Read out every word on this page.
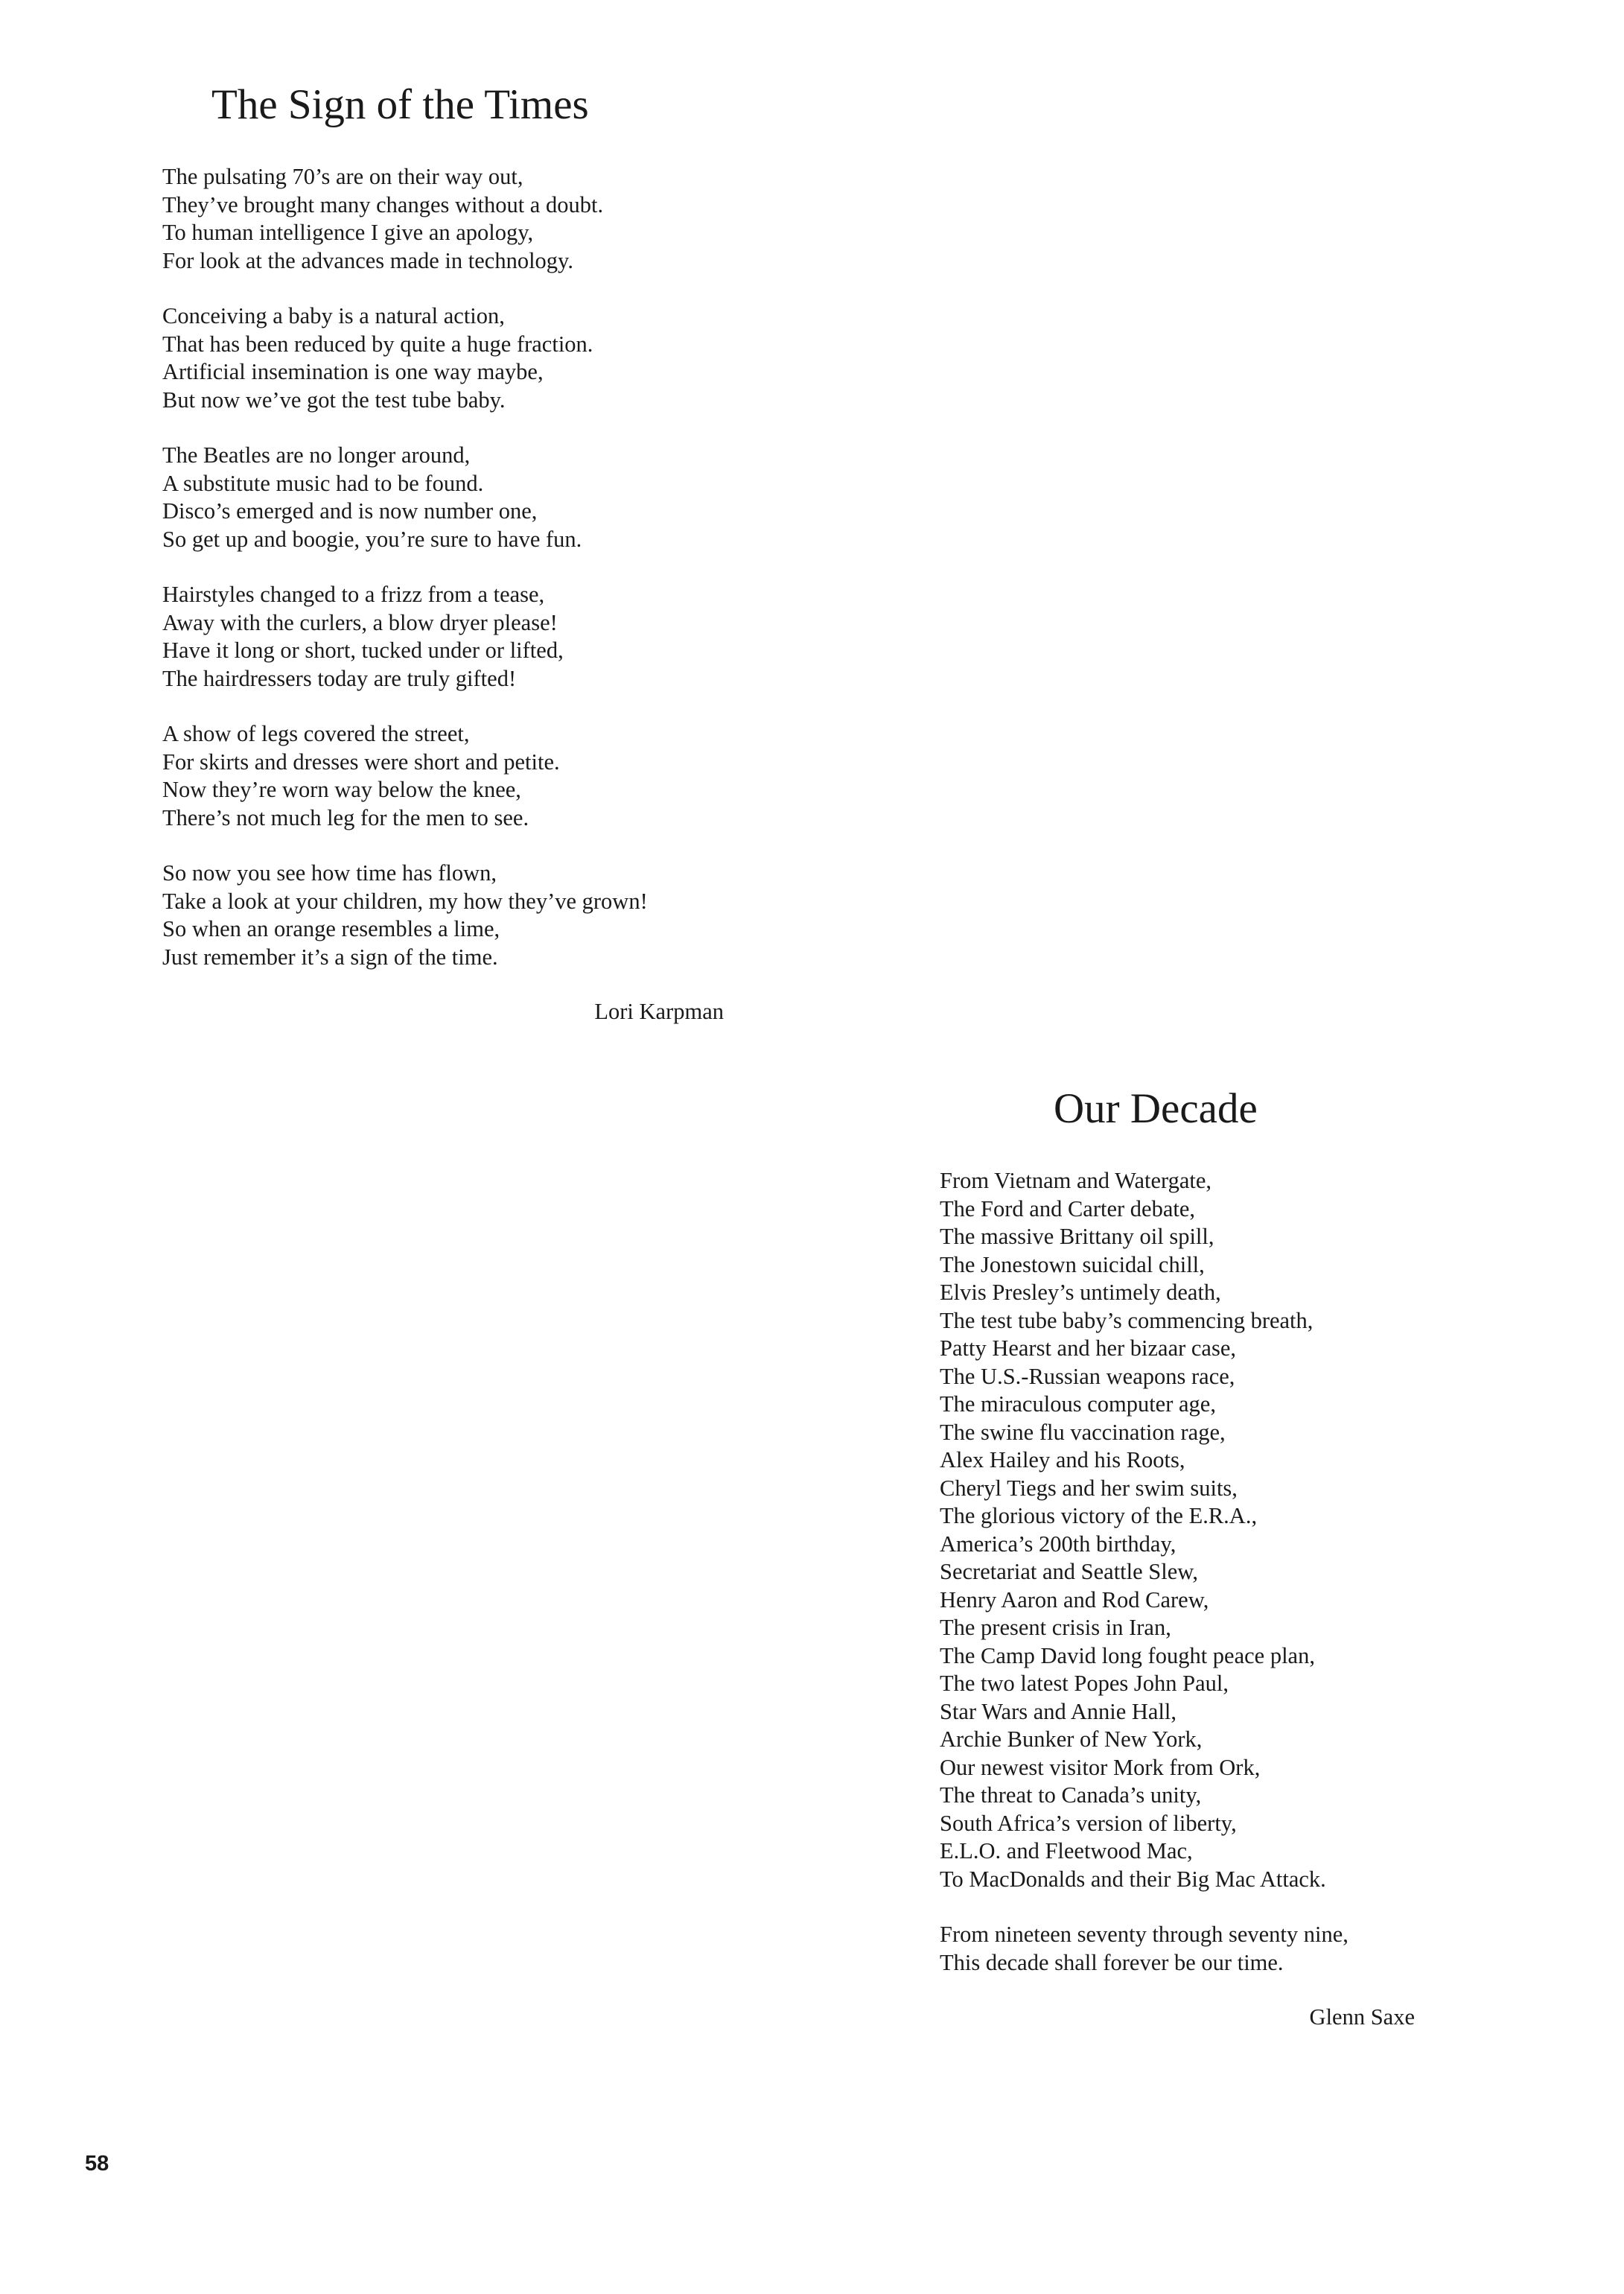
The Sign of the Times
The pulsating 70’s are on their way out,
They’ve brought many changes without a doubt.
To human intelligence I give an apology,
For look at the advances made in technology.
Conceiving a baby is a natural action,
That has been reduced by quite a huge fraction.
Artificial insemination is one way maybe,
But now we’ve got the test tube baby.
The Beatles are no longer around,
A substitute music had to be found.
Disco’s emerged and is now number one,
So get up and boogie, you’re sure to have fun.
Hairstyles changed to a frizz from a tease,
Away with the curlers, a blow dryer please!
Have it long or short, tucked under or lifted,
The hairdressers today are truly gifted!
A show of legs covered the street,
For skirts and dresses were short and petite.
Now they’re worn way below the knee,
There’s not much leg for the men to see.
So now you see how time has flown,
Take a look at your children, my how they’ve grown!
So when an orange resembles a lime,
Just remember it’s a sign of the time.
Lori Karpman
Our Decade
From Vietnam and Watergate,
The Ford and Carter debate,
The massive Brittany oil spill,
The Jonestown suicidal chill,
Elvis Presley’s untimely death,
The test tube baby’s commencing breath,
Patty Hearst and her bizaar case,
The U.S.-Russian weapons race,
The miraculous computer age,
The swine flu vaccination rage,
Alex Hailey and his Roots,
Cheryl Tiegs and her swim suits,
The glorious victory of the E.R.A.,
America’s 200th birthday,
Secretariat and Seattle Slew,
Henry Aaron and Rod Carew,
The present crisis in Iran,
The Camp David long fought peace plan,
The two latest Popes John Paul,
Star Wars and Annie Hall,
Archie Bunker of New York,
Our newest visitor Mork from Ork,
The threat to Canada’s unity,
South Africa’s version of liberty,
E.L.O. and Fleetwood Mac,
To MacDonalds and their Big Mac Attack.
From nineteen seventy through seventy nine,
This decade shall forever be our time.
Glenn Saxe
58
